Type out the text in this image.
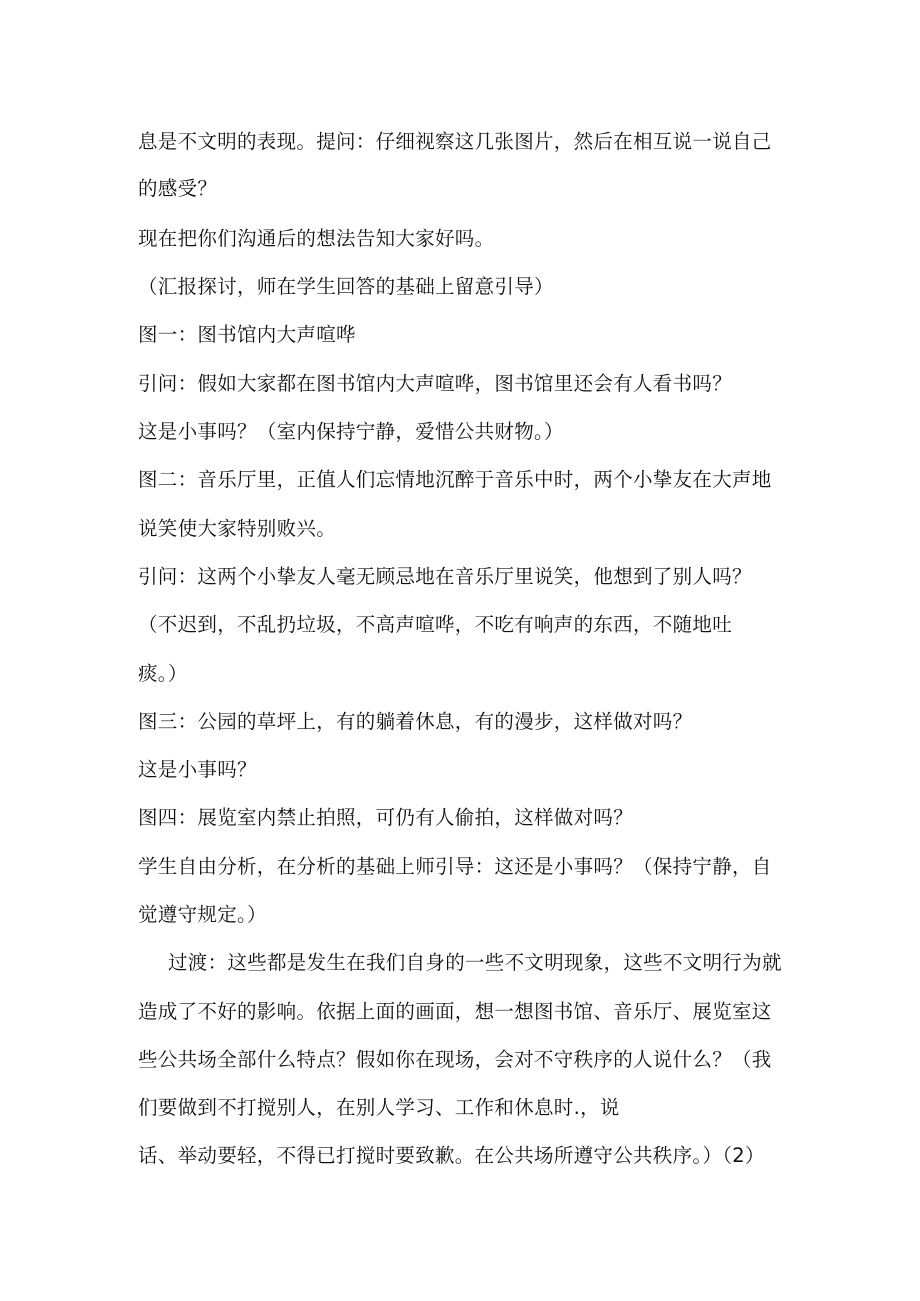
息是不文明的表现。提问：仔细视察这几张图片，然后在相互说一说自己
的感受？
现在把你们沟通后的想法告知大家好吗。
（汇报探讨，师在学生回答的基础上留意引导）
图一：图书馆内大声喧哗
引问：假如大家都在图书馆内大声喧哗，图书馆里还会有人看书吗？
这是小事吗？（室内保持宁静，爱惜公共财物。）
图二：音乐厅里，正值人们忘情地沉醉于音乐中时，两个小挚友在大声地
说笑使大家特别败兴。
引问：这两个小挚友人毫无顾忌地在音乐厅里说笑，他想到了别人吗？
（不迟到，不乱扔垃圾，不高声喧哗，不吃有响声的东西，不随地吐
痰。）
图三：公园的草坪上，有的躺着休息，有的漫步，这样做对吗？
这是小事吗？
图四：展览室内禁止拍照，可仍有人偷拍，这样做对吗？
学生自由分析，在分析的基础上师引导：这还是小事吗？（保持宁静，自
觉遵守规定。）
过渡：这些都是发生在我们自身的一些不文明现象，这些不文明行为就
造成了不好的影响。依据上面的画面，想一想图书馆、音乐厅、展览室这
些公共场全部什么特点？假如你在现场，会对不守秩序的人说什么？（我
们要做到不打搅别人，在别人学习、工作和休息时.，说
话、举动要轻，不得已打搅时要致歉。在公共场所遵守公共秩序。）（2）
